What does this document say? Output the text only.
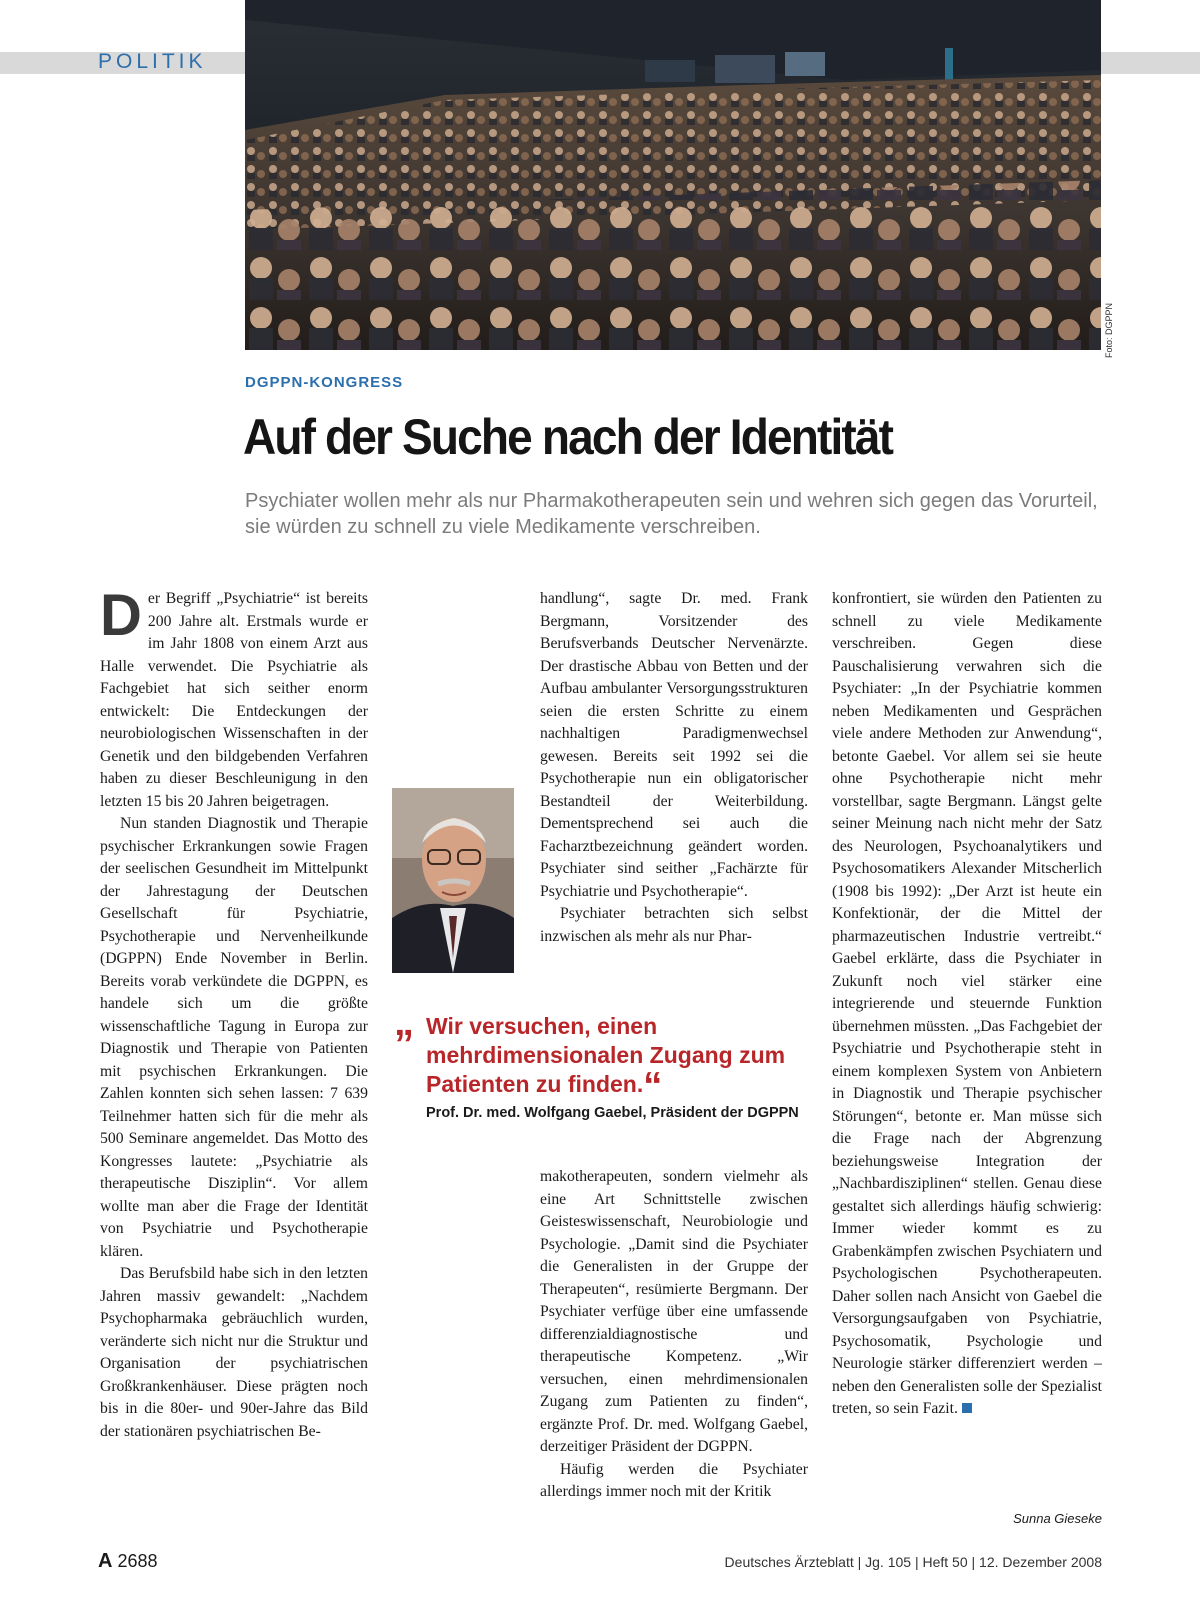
POLITIK
Foto: DGPPN
DGPPN-KONGRESS
Auf der Suche nach der Identität
Psychiater wollen mehr als nur Pharmakotherapeuten sein und wehren sich gegen das Vorurteil, sie würden zu schnell zu viele Medikamente verschreiben.

Der Begriff „Psychiatrie“ ist bereits 200 Jahre alt. Erstmals wurde er im Jahr 1808 von einem Arzt aus Halle verwendet. Die Psychiatrie als Fachgebiet hat sich seither enorm entwickelt: Die Entdeckungen der neurobiologischen Wissenschaften in der Genetik und den bildgebenden Verfahren haben zu dieser Beschleunigung in den letzten 15 bis 20 Jahren beigetragen.

Nun standen Diagnostik und Therapie psychischer Erkrankungen sowie Fragen der seelischen Gesundheit im Mittelpunkt der Jahrestagung der Deutschen Gesellschaft für Psychiatrie, Psychotherapie und Nervenheilkunde (DGPPN) Ende November in Berlin. Bereits vorab verkündete die DGPPN, es handele sich um die größte wissenschaftliche Tagung in Europa zur Diagnostik und Therapie von Patienten mit psychischen Erkrankungen. Die Zahlen konnten sich sehen lassen: 7 639 Teilnehmer hatten sich für die mehr als 500 Seminare angemeldet. Das Motto des Kongresses lautete: „Psychiatrie als therapeutische Disziplin“. Vor allem wollte man aber die Frage der Identität von Psychiatrie und Psychotherapie klären.

Das Berufsbild habe sich in den letzten Jahren massiv gewandelt: „Nachdem Psychopharmaka gebräuchlich wurden, veränderte sich nicht nur die Struktur und Organisation der psychiatrischen Großkrankenhäuser. Diese prägten noch bis in die 80er- und 90er-Jahre das Bild der stationären psychiatrischen Be-

handlung“, sagte Dr. med. Frank Bergmann, Vorsitzender des Berufsverbands Deutscher Nervenärzte. Der drastische Abbau von Betten und der Aufbau ambulanter Versorgungsstrukturen seien die ersten Schritte zu einem nachhaltigen Paradigmenwechsel gewesen. Bereits seit 1992 sei die Psychotherapie nun ein obligatorischer Bestandteil der Weiterbildung. Dementsprechend sei auch die Facharztbezeichnung geändert worden. Psychiater sind seither „Fachärzte für Psychiatrie und Psychotherapie“.

Psychiater betrachten sich selbst inzwischen als mehr als nur Phar-

„ Wir versuchen, einen mehrdimensionalen Zugang zum Patienten zu finden.“
Prof. Dr. med. Wolfgang Gaebel, Präsident der DGPPN

makotherapeuten, sondern vielmehr als eine Art Schnittstelle zwischen Geisteswissenschaft, Neurobiologie und Psychologie. „Damit sind die Psychiater die Generalisten in der Gruppe der Therapeuten“, resümierte Bergmann. Der Psychiater verfüge über eine umfassende differenzialdiagnostische und therapeutische Kompetenz. „Wir versuchen, einen mehrdimensionalen Zugang zum Patienten zu finden“, ergänzte Prof. Dr. med. Wolfgang Gaebel, derzeitiger Präsident der DGPPN.

Häufig werden die Psychiater allerdings immer noch mit der Kritik

konfrontiert, sie würden den Patienten zu schnell zu viele Medikamente verschreiben. Gegen diese Pauschalisierung verwahren sich die Psychiater: „In der Psychiatrie kommen neben Medikamenten und Gesprächen viele andere Methoden zur Anwendung“, betonte Gaebel. Vor allem sei sie heute ohne Psychotherapie nicht mehr vorstellbar, sagte Bergmann. Längst gelte seiner Meinung nach nicht mehr der Satz des Neurologen, Psychoanalytikers und Psychosomatikers Alexander Mitscherlich (1908 bis 1992): „Der Arzt ist heute ein Konfektionär, der die Mittel der pharmazeutischen Industrie vertreibt.“ Gaebel erklärte, dass die Psychiater in Zukunft noch viel stärker eine integrierende und steuernde Funktion übernehmen müssten. „Das Fachgebiet der Psychiatrie und Psychotherapie steht in einem komplexen System von Anbietern in Diagnostik und Therapie psychischer Störungen“, betonte er. Man müsse sich die Frage nach der Abgrenzung beziehungsweise Integration der „Nachbardisziplinen“ stellen. Genau diese gestaltet sich allerdings häufig schwierig: Immer wieder kommt es zu Grabenkämpfen zwischen Psychiatern und Psychologischen Psychotherapeuten. Daher sollen nach Ansicht von Gaebel die Versorgungsaufgaben von Psychiatrie, Psychosomatik, Psychologie und Neurologie stärker differenziert werden – neben den Generalisten solle der Spezialist treten, so sein Fazit.

Sunna Gieseke
A 2688	Deutsches Ärzteblatt | Jg. 105 | Heft 50 | 12. Dezember 2008
